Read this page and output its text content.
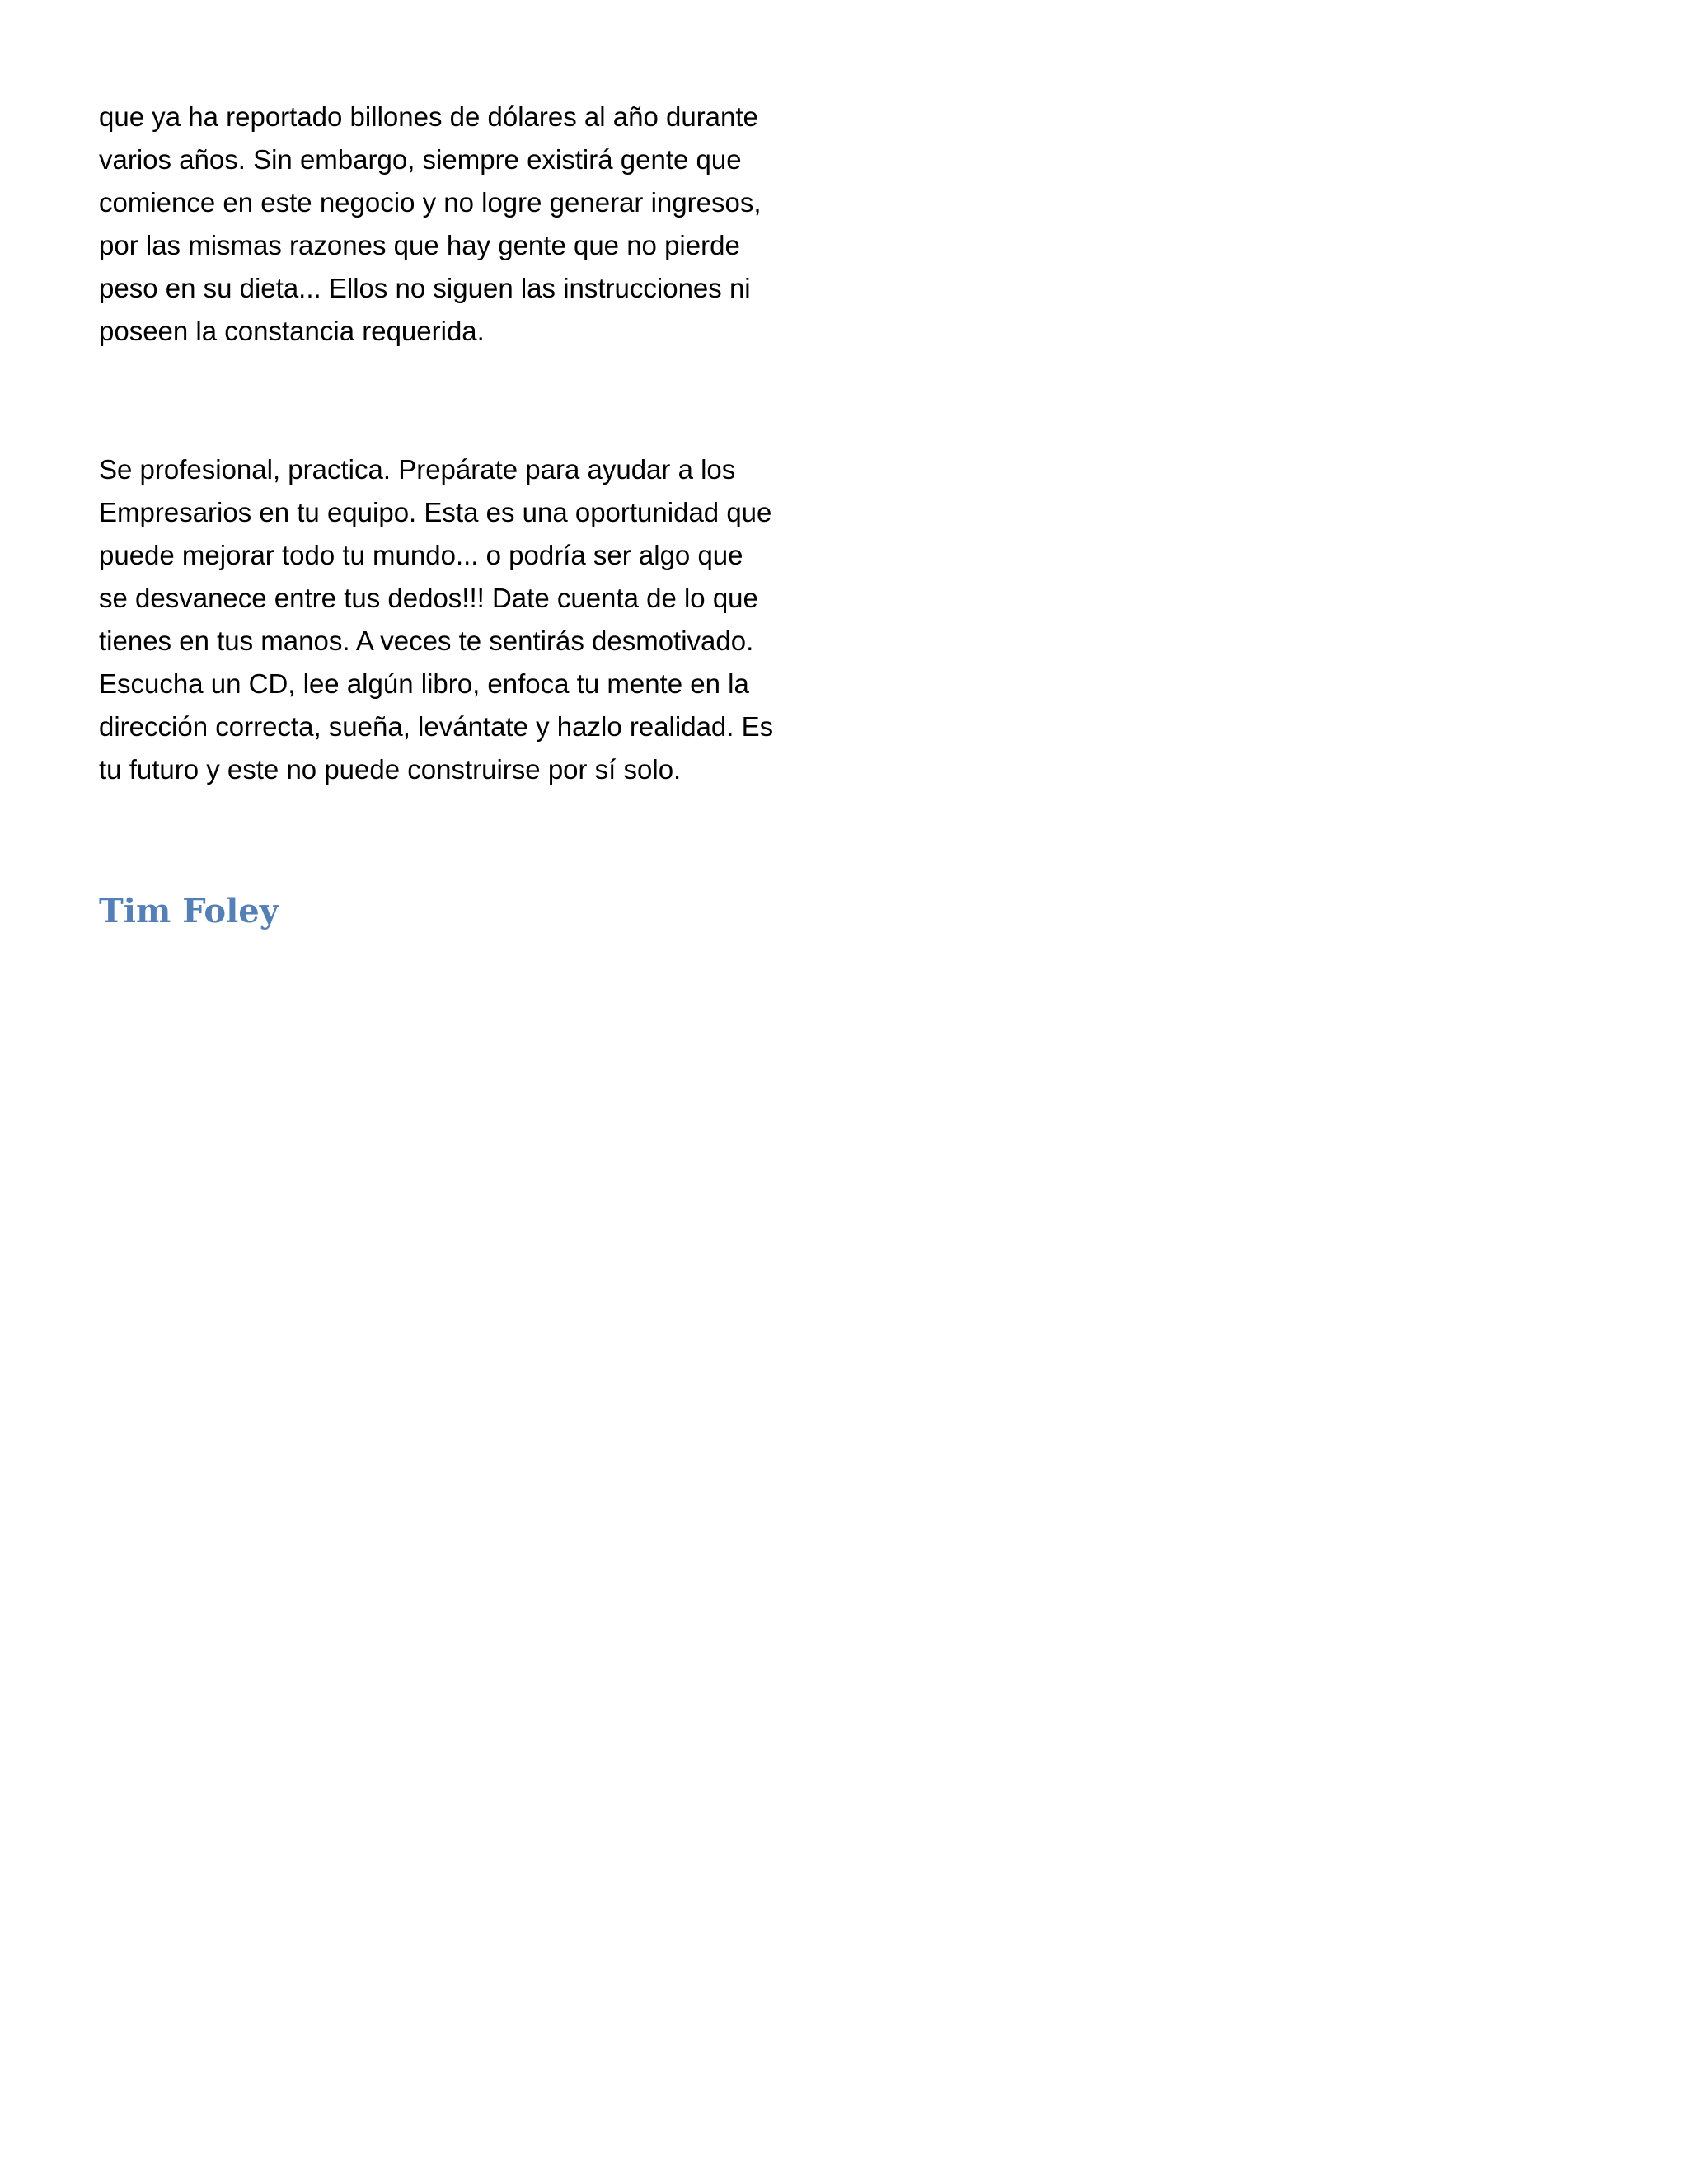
que ya ha reportado billones de dólares al año durante
varios años. Sin embargo, siempre existirá gente que
comience en este negocio y no logre generar ingresos,
por las mismas razones que hay gente que no pierde
peso en su dieta... Ellos no siguen las instrucciones ni
poseen la constancia requerida.

Se profesional, practica. Prepárate para ayudar a los
Empresarios en tu equipo. Esta es una oportunidad que
puede mejorar todo tu mundo... o podría ser algo que
se desvanece entre tus dedos!!! Date cuenta de lo que
tienes en tus manos. A veces te sentirás desmotivado.
Escucha un CD, lee algún libro, enfoca tu mente en la
dirección correcta, sueña, levántate y hazlo realidad. Es
tu futuro y este no puede construirse por sí solo.

Tim Foley
